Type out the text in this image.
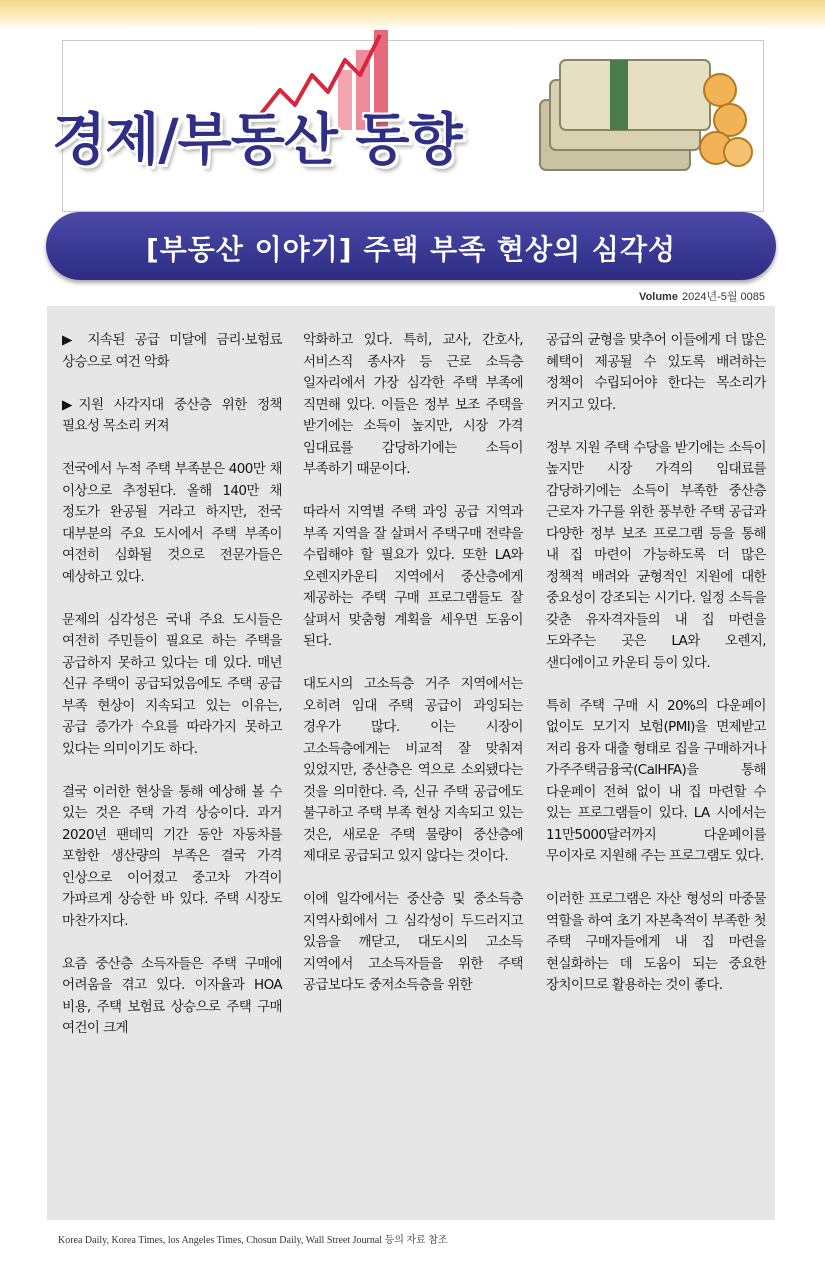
경제/부동산 동향
[부동산 이야기] 주택 부족 현상의 심각성
Volume 2024년-5월 0085

▶ 지속된 공급 미달에 금리·보험료 상승으로 여건 악화

▶지원 사각지대 중산층 위한 정책 필요성 목소리 커져

전국에서 누적 주택 부족분은 400만 채 이상으로 추정된다. 올해 140만 채 정도가 완공될 거라고 하지만, 전국 대부분의 주요 도시에서 주택 부족이 여전히 심화될 것으로 전문가들은 예상하고 있다.

문제의 심각성은 국내 주요 도시들은 여전히 주민들이 필요로 하는 주택을 공급하지 못하고 있다는 데 있다. 매년 신규 주택이 공급되었음에도 주택 공급 부족 현상이 지속되고 있는 이유는, 공급 증가가 수요를 따라가지 못하고 있다는 의미이기도 하다.

결국 이러한 현상을 통해 예상해 볼 수 있는 것은 주택 가격 상승이다. 과거 2020년 팬데믹 기간 동안 자동차를 포함한 생산량의 부족은 결국 가격 인상으로 이어졌고 중고차 가격이 가파르게 상승한 바 있다. 주택 시장도 마찬가지다.

요즘 중산층 소득자들은 주택 구매에 어려움을 겪고 있다. 이자율과 HOA 비용, 주택 보험료 상승으로 주택 구매 여건이 크게

악화하고 있다. 특히, 교사, 간호사, 서비스직 종사자 등 근로 소득층 일자리에서 가장 심각한 주택 부족에 직면해 있다. 이들은 정부 보조 주택을 받기에는 소득이 높지만, 시장 가격 임대료를 감당하기에는 소득이 부족하기 때문이다.

따라서 지역별 주택 과잉 공급 지역과 부족 지역을 잘 살펴서 주택구매 전략을 수립해야 할 필요가 있다. 또한 LA와 오렌지카운티 지역에서 중산층에게 제공하는 주택 구매 프로그램들도 잘 살펴서 맞춤형 계획을 세우면 도움이 된다.

대도시의 고소득층 거주 지역에서는 오히려 임대 주택 공급이 과잉되는 경우가 많다. 이는 시장이 고소득층에게는 비교적 잘 맞춰져 있었지만, 중산층은 역으로 소외됐다는 것을 의미한다. 즉, 신규 주택 공급에도 불구하고 주택 부족 현상 지속되고 있는 것은, 새로운 주택 물량이 중산층에 제대로 공급되고 있지 않다는 것이다.

이에 일각에서는 중산층 및 중소득층 지역사회에서 그 심각성이 두드러지고 있음을 깨닫고, 대도시의 고소득 지역에서 고소득자들을 위한 주택 공급보다도 중저소득층을 위한

공급의 균형을 맞추어 이들에게 더 많은 혜택이 제공될 수 있도록 배려하는 정책이 수립되어야 한다는 목소리가 커지고 있다.

정부 지원 주택 수당을 받기에는 소득이 높지만 시장 가격의 임대료를 감당하기에는 소득이 부족한 중산층 근로자 가구를 위한 풍부한 주택 공급과 다양한 정부 보조 프로그램 등을 통해 내 집 마련이 가능하도록 더 많은 정책적 배려와 균형적인 지원에 대한 중요성이 강조되는 시기다. 일정 소득을 갖춘 유자격자들의 내 집 마련을 도와주는 곳은 LA와 오렌지, 샌디에이고 카운티 등이 있다.

특히 주택 구매 시 20%의 다운페이 없이도 모기지 보험(PMI)을 면제받고 저리 융자 대출 형태로 집을 구매하거나 가주주택금융국(CalHFA)을 통해 다운페이 전혀 없이 내 집 마련할 수 있는 프로그램들이 있다. LA 시에서는 11만5000달러까지 다운페이를 무이자로 지원해 주는 프로그램도 있다.

이러한 프로그램은 자산 형성의 마중물 역할을 하여 초기 자본축적이 부족한 첫 주택 구매자들에게 내 집 마련을 현실화하는 데 도움이 되는 중요한 장치이므로 활용하는 것이 좋다.

Korea Daily, Korea Times, los Angeles Times, Chosun Daily, Wall Street Journal 등의 자료 참조
